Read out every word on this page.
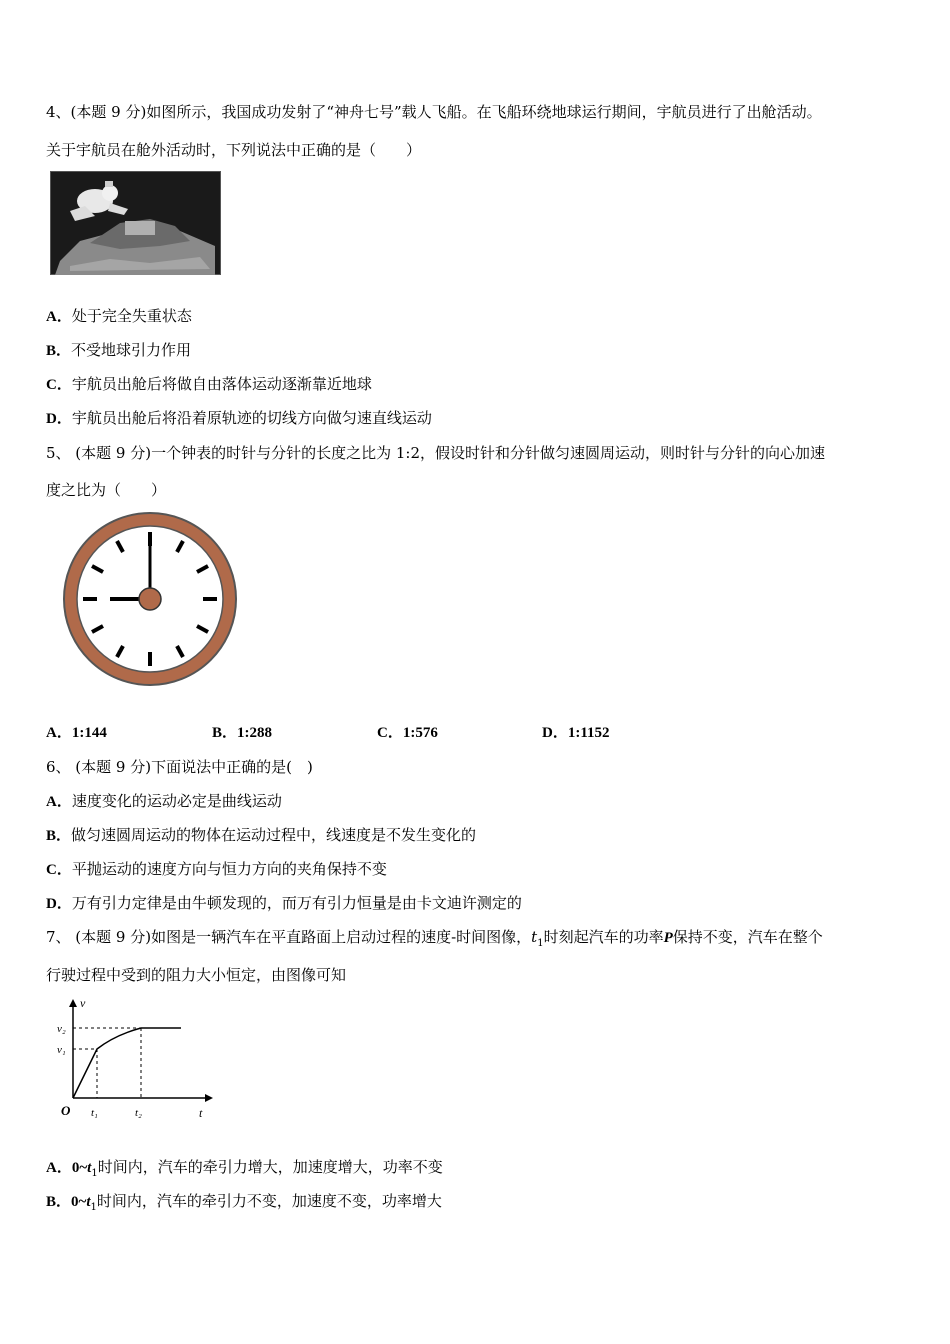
4、(本题 9 分)如图所示，我国成功发射了“神舟七号”载人飞船。在飞船环绕地球运行期间，宇航员进行了出舱活动。
关于宇航员在舱外活动时，下列说法中正确的是（　　）
A．处于完全失重状态
B．不受地球引力作用
C．宇航员出舱后将做自由落体运动逐渐靠近地球
D．宇航员出舱后将沿着原轨迹的切线方向做匀速直线运动
5、 (本题 9 分)一个钟表的时针与分针的长度之比为 1:2，假设时针和分针做匀速圆周运动，则时针与分针的向心加速
度之比为（　　）
A．1:144	B．1:288	C．1:576	D．1:1152
6、 (本题 9 分)下面说法中正确的是(　)
A．速度变化的运动必定是曲线运动
B．做匀速圆周运动的物体在运动过程中，线速度是不发生变化的
C．平抛运动的速度方向与恒力方向的夹角保持不变
D．万有引力定律是由牛顿发现的，而万有引力恒量是由卡文迪许测定的
7、 (本题 9 分)如图是一辆汽车在平直路面上启动过程的速度-时间图像，$t_1$时刻起汽车的功率P保持不变，汽车在整个
行驶过程中受到的阻力大小恒定，由图像可知
v
t
O
v₂
v₁
t₁	t₂
A．$0\sim t_1$时间内，汽车的牵引力增大，加速度增大，功率不变
B．$0\sim t_1$时间内，汽车的牵引力不变，加速度不变，功率增大
